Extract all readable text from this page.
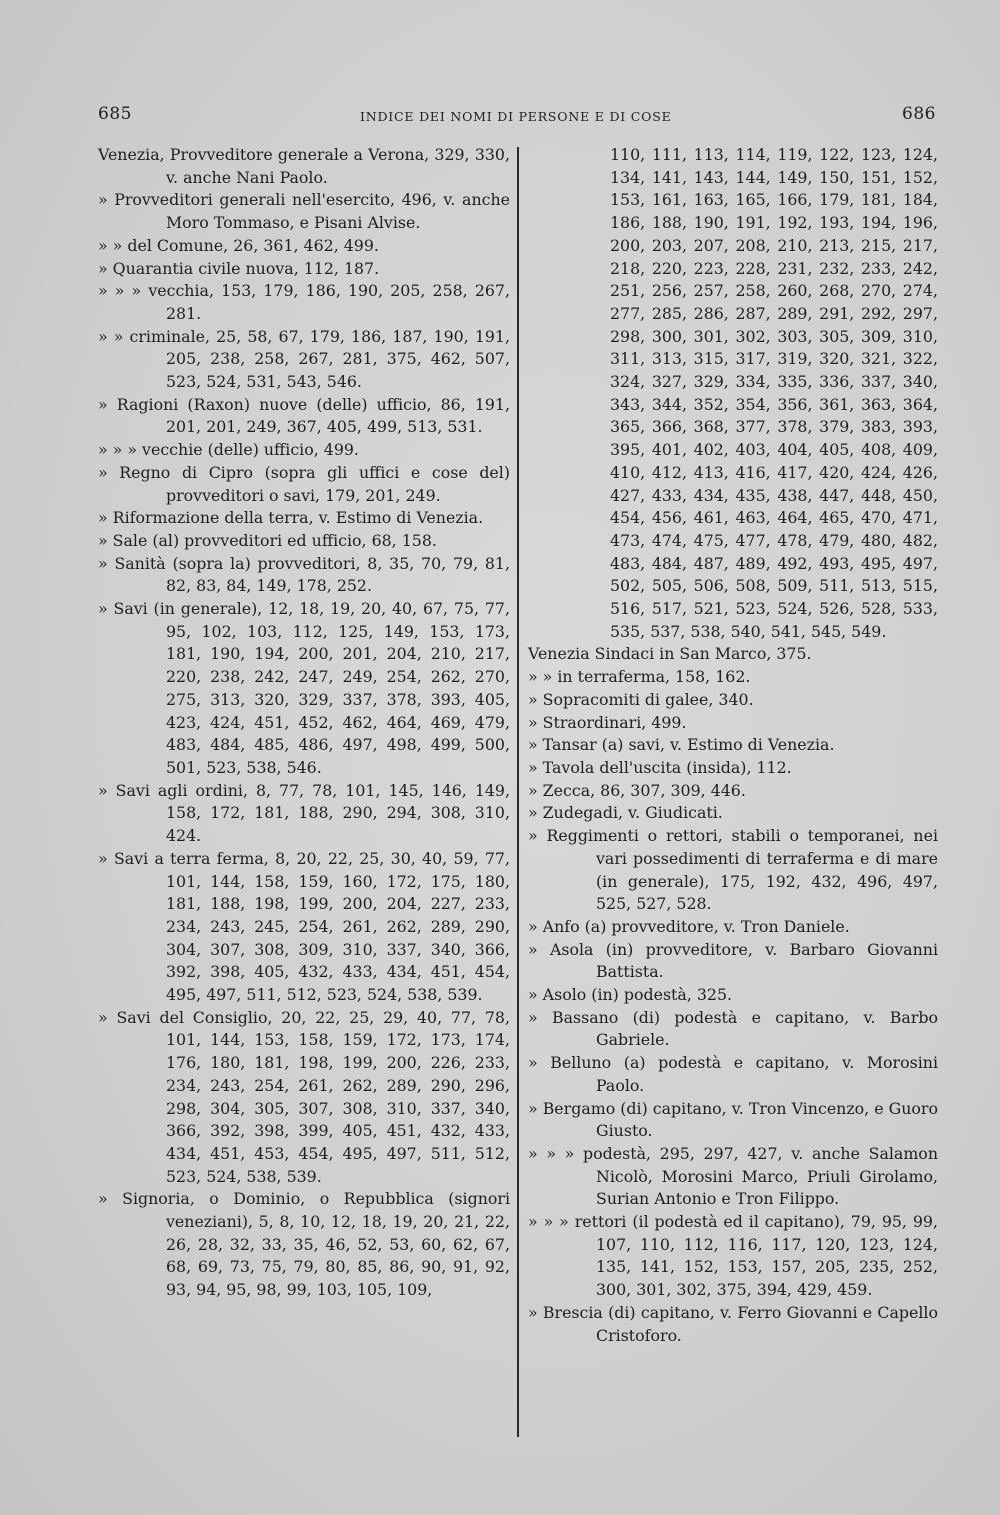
685	INDICE DEI NOMI DI PERSONE E DI COSE	686
Venezia, Provveditore generale a Verona, 329, 330, v. anche Nani Paolo.
» Provveditori generali nell'esercito, 496, v. anche Moro Tommaso, e Pisani Alvise.
» » del Comune, 26, 361, 462, 499.
» Quarantia civile nuova, 112, 187.
» » » vecchia, 153, 179, 186, 190, 205, 258, 267, 281.
» » criminale, 25, 58, 67, 179, 186, 187, 190, 191, 205, 238, 258, 267, 281, 375, 462, 507, 523, 524, 531, 543, 546.
» Ragioni (Raxon) nuove (delle) ufficio, 86, 191, 201, 201, 249, 367, 405, 499, 513, 531.
» » » vecchie (delle) ufficio, 499.
» Regno di Cipro (sopra gli uffici e cose del) provveditori o savi, 179, 201, 249.
» Riformazione della terra, v. Estimo di Venezia.
» Sale (al) provveditori ed ufficio, 68, 158.
» Sanità (sopra la) provveditori, 8, 35, 70, 79, 81, 82, 83, 84, 149, 178, 252.
» Savi (in generale), 12, 18, 19, 20, 40, 67, 75, 77, 95, 102, 103, 112, 125, 149, 153, 173, 181, 190, 194, 200, 201, 204, 210, 217, 220, 238, 242, 247, 249, 254, 262, 270, 275, 313, 320, 329, 337, 378, 393, 405, 423, 424, 451, 452, 462, 464, 469, 479, 483, 484, 485, 486, 497, 498, 499, 500, 501, 523, 538, 546.
» Savi agli ordini, 8, 77, 78, 101, 145, 146, 149, 158, 172, 181, 188, 290, 294, 308, 310, 424.
» Savi a terra ferma, 8, 20, 22, 25, 30, 40, 59, 77, 101, 144, 158, 159, 160, 172, 175, 180, 181, 188, 198, 199, 200, 204, 227, 233, 234, 243, 245, 254, 261, 262, 289, 290, 304, 307, 308, 309, 310, 337, 340, 366, 392, 398, 405, 432, 433, 434, 451, 454, 495, 497, 511, 512, 523, 524, 538, 539.
» Savi del Consiglio, 20, 22, 25, 29, 40, 77, 78, 101, 144, 153, 158, 159, 172, 173, 174, 176, 180, 181, 198, 199, 200, 226, 233, 234, 243, 254, 261, 262, 289, 290, 296, 298, 304, 305, 307, 308, 310, 337, 340, 366, 392, 398, 399, 405, 451, 432, 433, 434, 451, 453, 454, 495, 497, 511, 512, 523, 524, 538, 539.
» Signoria, o Dominio, o Repubblica (signori veneziani), 5, 8, 10, 12, 18, 19, 20, 21, 22, 26, 28, 32, 33, 35, 46, 52, 53, 60, 62, 67, 68, 69, 73, 75, 79, 80, 85, 86, 90, 91, 92, 93, 94, 95, 98, 99, 103, 105, 109,
110, 111, 113, 114, 119, 122, 123, 124, 134, 141, 143, 144, 149, 150, 151, 152, 153, 161, 163, 165, 166, 179, 181, 184, 186, 188, 190, 191, 192, 193, 194, 196, 200, 203, 207, 208, 210, 213, 215, 217, 218, 220, 223, 228, 231, 232, 233, 242, 251, 256, 257, 258, 260, 268, 270, 274, 277, 285, 286, 287, 289, 291, 292, 297, 298, 300, 301, 302, 303, 305, 309, 310, 311, 313, 315, 317, 319, 320, 321, 322, 324, 327, 329, 334, 335, 336, 337, 340, 343, 344, 352, 354, 356, 361, 363, 364, 365, 366, 368, 377, 378, 379, 383, 393, 395, 401, 402, 403, 404, 405, 408, 409, 410, 412, 413, 416, 417, 420, 424, 426, 427, 433, 434, 435, 438, 447, 448, 450, 454, 456, 461, 463, 464, 465, 470, 471, 473, 474, 475, 477, 478, 479, 480, 482, 483, 484, 487, 489, 492, 493, 495, 497, 502, 505, 506, 508, 509, 511, 513, 515, 516, 517, 521, 523, 524, 526, 528, 533, 535, 537, 538, 540, 541, 545, 549.
Venezia Sindaci in San Marco, 375.
» » in terraferma, 158, 162.
» Sopracomiti di galee, 340.
» Straordinari, 499.
» Tansar (a) savi, v. Estimo di Venezia.
» Tavola dell'uscita (insida), 112.
» Zecca, 86, 307, 309, 446.
» Zudegadi, v. Giudicati.
» Reggimenti o rettori, stabili o temporanei, nei vari possedimenti di terraferma e di mare (in generale), 175, 192, 432, 496, 497, 525, 527, 528.
» Anfo (a) provveditore, v. Tron Daniele.
» Asola (in) provveditore, v. Barbaro Giovanni Battista.
» Asolo (in) podestà, 325.
» Bassano (di) podestà e capitano, v. Barbo Gabriele.
» Belluno (a) podestà e capitano, v. Morosini Paolo.
» Bergamo (di) capitano, v. Tron Vincenzo, e Guoro Giusto.
» » » podestà, 295, 297, 427, v. anche Salamon Nicolò, Morosini Marco, Priuli Girolamo, Surian Antonio e Tron Filippo.
» » » rettori (il podestà ed il capitano), 79, 95, 99, 107, 110, 112, 116, 117, 120, 123, 124, 135, 141, 152, 153, 157, 205, 235, 252, 300, 301, 302, 375, 394, 429, 459.
» Brescia (di) capitano, v. Ferro Giovanni e Capello Cristoforo.
